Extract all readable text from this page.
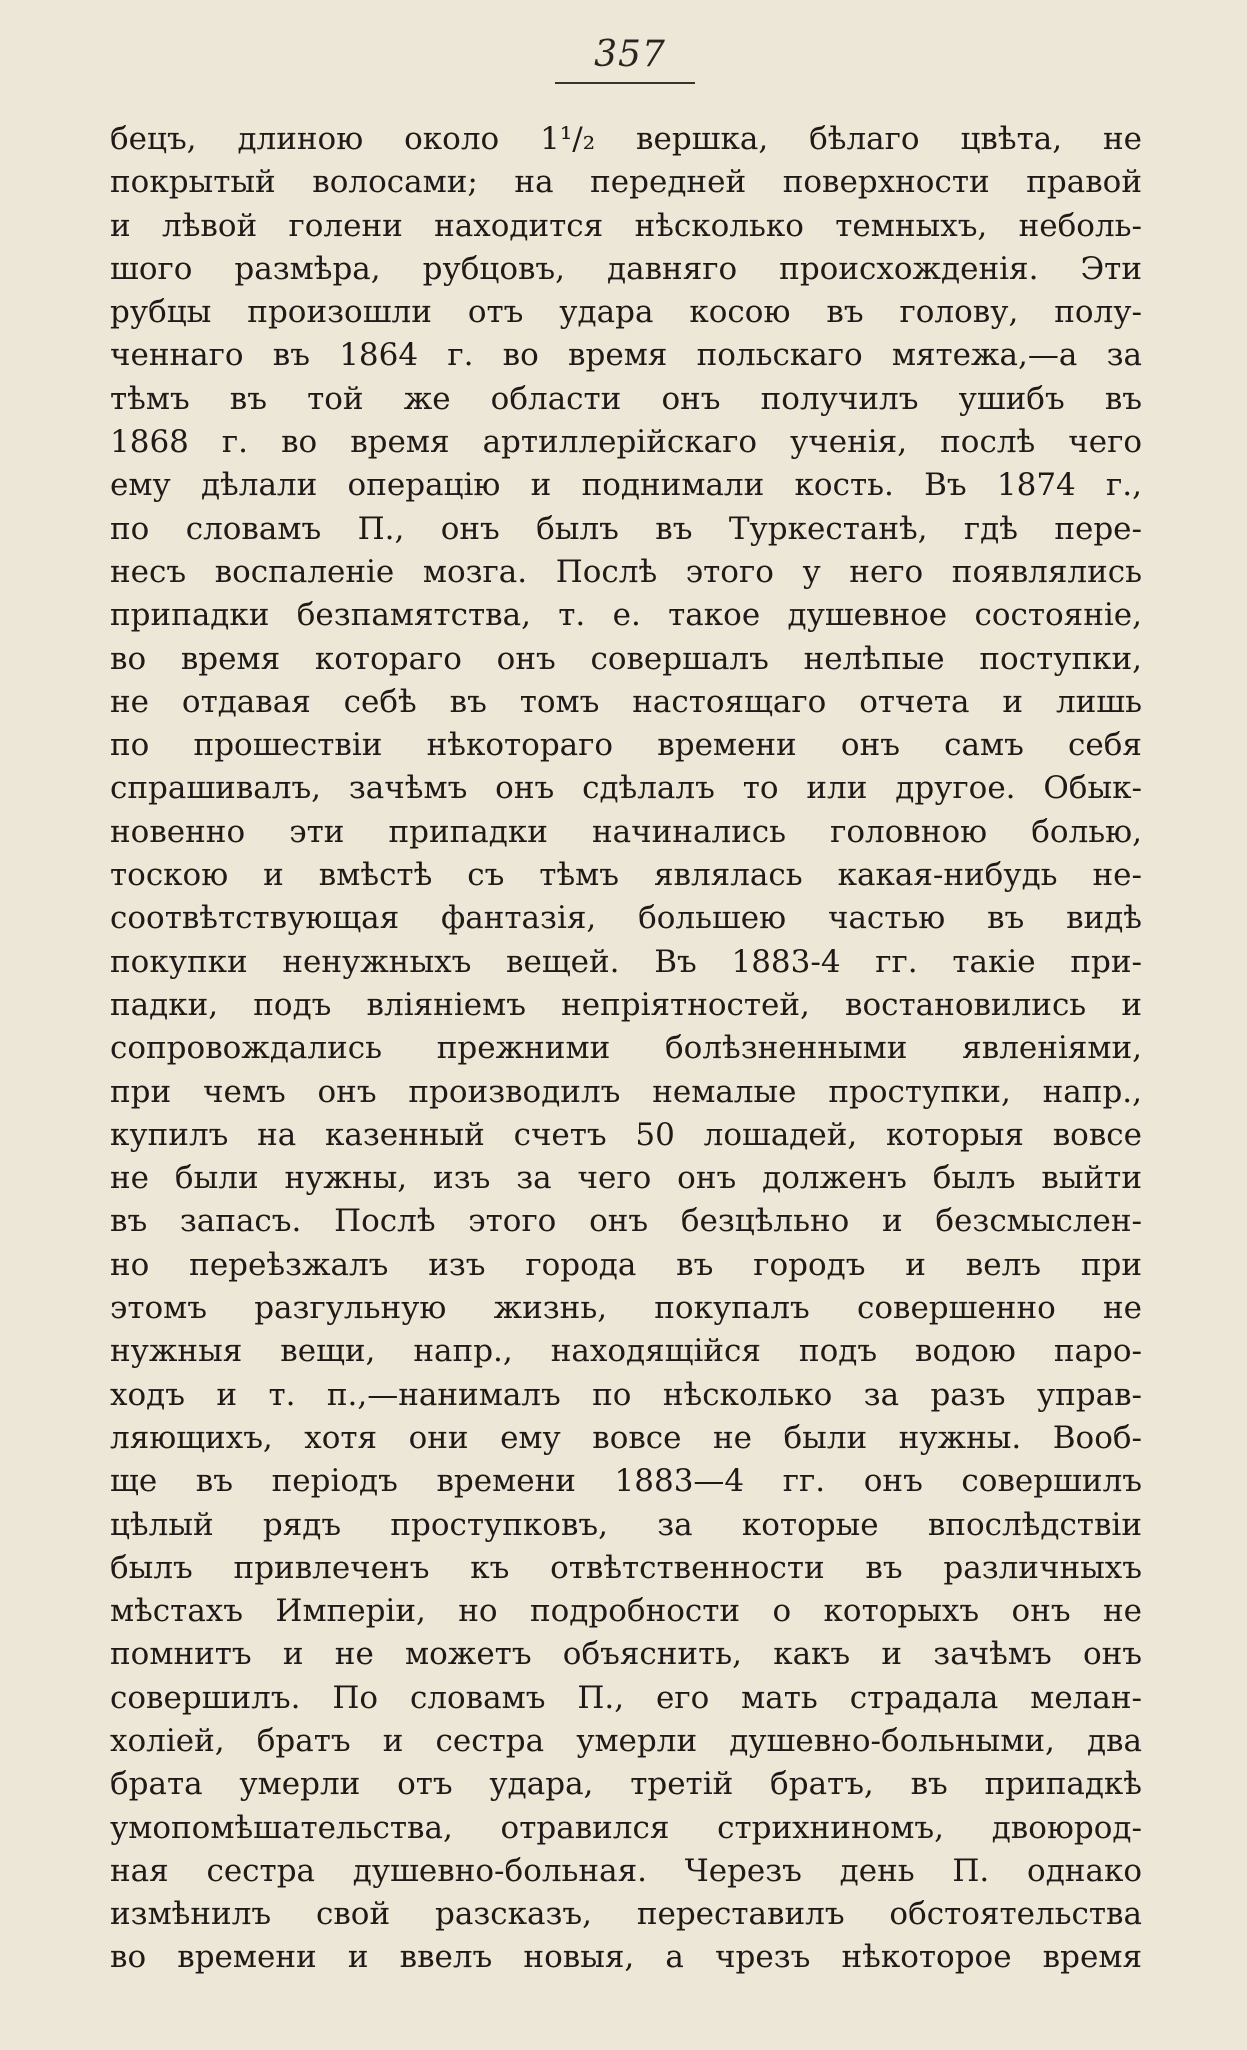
357
бецъ, длиною около 1¹/₂ вершка, бѣлаго цвѣта, не
покрытый волосами; на передней поверхности правой
и лѣвой голени находится нѣсколько темныхъ, неболь-
шого размѣра, рубцовъ, давняго происхожденія. Эти
рубцы произошли отъ удара косою въ голову, полу-
ченнаго въ 1864 г. во время польскаго мятежа,—а за
тѣмъ въ той же области онъ получилъ ушибъ въ
1868 г. во время артиллерійскаго ученія, послѣ чего
ему дѣлали операцію и поднимали кость. Въ 1874 г.,
по словамъ П., онъ былъ въ Туркестанѣ, гдѣ пере-
несъ воспаленіе мозга. Послѣ этого у него появлялись
припадки безпамятства, т. е. такое душевное состояніе,
во время котораго онъ совершалъ нелѣпые поступки,
не отдавая себѣ въ томъ настоящаго отчета и лишь
по прошествіи нѣкотораго времени онъ самъ себя
спрашивалъ, зачѣмъ онъ сдѣлалъ то или другое. Обык-
новенно эти припадки начинались головною болью,
тоскою и вмѣстѣ съ тѣмъ являлась какая-нибудь не-
соотвѣтствующая фантазія, большею частью въ видѣ
покупки ненужныхъ вещей. Въ 1883-4 гг. такіе при-
падки, подъ вліяніемъ непріятностей, востановились и
сопровождались прежними болѣзненными явленіями,
при чемъ онъ производилъ немалые проступки, напр.,
купилъ на казенный счетъ 50 лошадей, которыя вовсе
не были нужны, изъ за чего онъ долженъ былъ выйти
въ запасъ. Послѣ этого онъ безцѣльно и безсмыслен-
но переѣзжалъ изъ города въ городъ и велъ при
этомъ разгульную жизнь, покупалъ совершенно не
нужныя вещи, напр., находящійся подъ водою паро-
ходъ и т. п.,—нанималъ по нѣсколько за разъ управ-
ляющихъ, хотя они ему вовсе не были нужны. Вооб-
ще въ періодъ времени 1883—4 гг. онъ совершилъ
цѣлый рядъ проступковъ, за которые впослѣдствіи
былъ привлеченъ къ отвѣтственности въ различныхъ
мѣстахъ Имперіи, но подробности о которыхъ онъ не
помнитъ и не можетъ объяснить, какъ и зачѣмъ онъ
совершилъ. По словамъ П., его мать страдала мелан-
холіей, братъ и сестра умерли душевно-больными, два
брата умерли отъ удара, третій братъ, въ припадкѣ
умопомѣшательства, отравился стрихниномъ, двоюрод-
ная сестра душевно-больная. Черезъ день П. однако
измѣнилъ свой разсказъ, переставилъ обстоятельства
во времени и ввелъ новыя, а чрезъ нѣкоторое время
